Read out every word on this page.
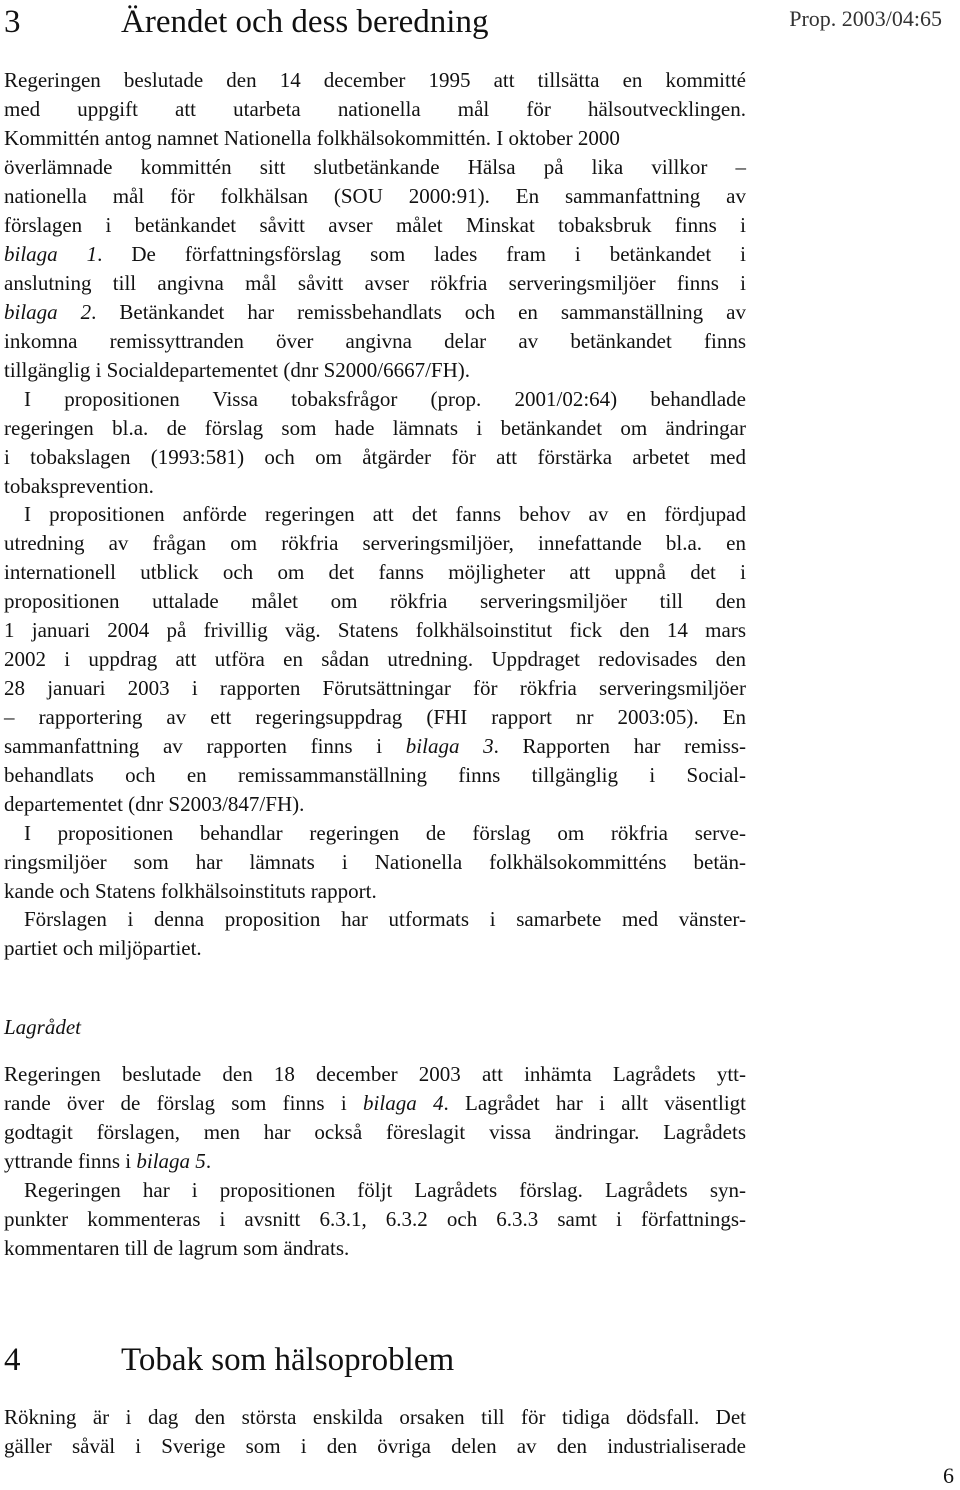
3	Ärendet och dess beredning	Prop. 2003/04:65
Regeringen beslutade den 14 december 1995 att tillsätta en kommitté
med uppgift att utarbeta nationella mål för hälsoutvecklingen.
Kommittén antog namnet Nationella folkhälsokommittén. I oktober 2000
överlämnade kommittén sitt slutbetänkande Hälsa på lika villkor –
nationella mål för folkhälsan (SOU 2000:91). En sammanfattning av
förslagen i betänkandet såvitt avser målet Minskat tobaksbruk finns i
bilaga 1. De författningsförslag som lades fram i betänkandet i
anslutning till angivna mål såvitt avser rökfria serveringsmiljöer finns i
bilaga 2. Betänkandet har remissbehandlats och en sammanställning av
inkomna remissyttranden över angivna delar av betänkandet finns
tillgänglig i Socialdepartementet (dnr S2000/6667/FH).
I propositionen Vissa tobaksfrågor (prop. 2001/02:64) behandlade
regeringen bl.a. de förslag som hade lämnats i betänkandet om ändringar
i tobakslagen (1993:581) och om åtgärder för att förstärka arbetet med
tobaksprevention.
I propositionen anförde regeringen att det fanns behov av en fördjupad
utredning av frågan om rökfria serveringsmiljöer, innefattande bl.a. en
internationell utblick och om det fanns möjligheter att uppnå det i
propositionen uttalade målet om rökfria serveringsmiljöer till den
1 januari 2004 på frivillig väg. Statens folkhälsoinstitut fick den 14 mars
2002 i uppdrag att utföra en sådan utredning. Uppdraget redovisades den
28 januari 2003 i rapporten Förutsättningar för rökfria serveringsmiljöer
– rapportering av ett regeringsuppdrag (FHI rapport nr 2003:05). En
sammanfattning av rapporten finns i bilaga 3. Rapporten har remiss-
behandlats och en remissammanställning finns tillgänglig i Social-
departementet (dnr S2003/847/FH).
I propositionen behandlar regeringen de förslag om rökfria serve-
ringsmiljöer som har lämnats i Nationella folkhälsokommitténs betän-
kande och Statens folkhälsoinstituts rapport.
Förslagen i denna proposition har utformats i samarbete med vänster-
partiet och miljöpartiet.
Lagrådet
Regeringen beslutade den 18 december 2003 att inhämta Lagrådets ytt-
rande över de förslag som finns i bilaga 4. Lagrådet har i allt väsentligt
godtagit förslagen, men har också föreslagit vissa ändringar. Lagrådets
yttrande finns i bilaga 5.
Regeringen har i propositionen följt Lagrådets förslag. Lagrådets syn-
punkter kommenteras i avsnitt 6.3.1, 6.3.2 och 6.3.3 samt i författnings-
kommentaren till de lagrum som ändrats.
4	Tobak som hälsoproblem
Rökning är i dag den största enskilda orsaken till för tidiga dödsfall. Det
gäller såväl i Sverige som i den övriga delen av den industrialiserade
6
